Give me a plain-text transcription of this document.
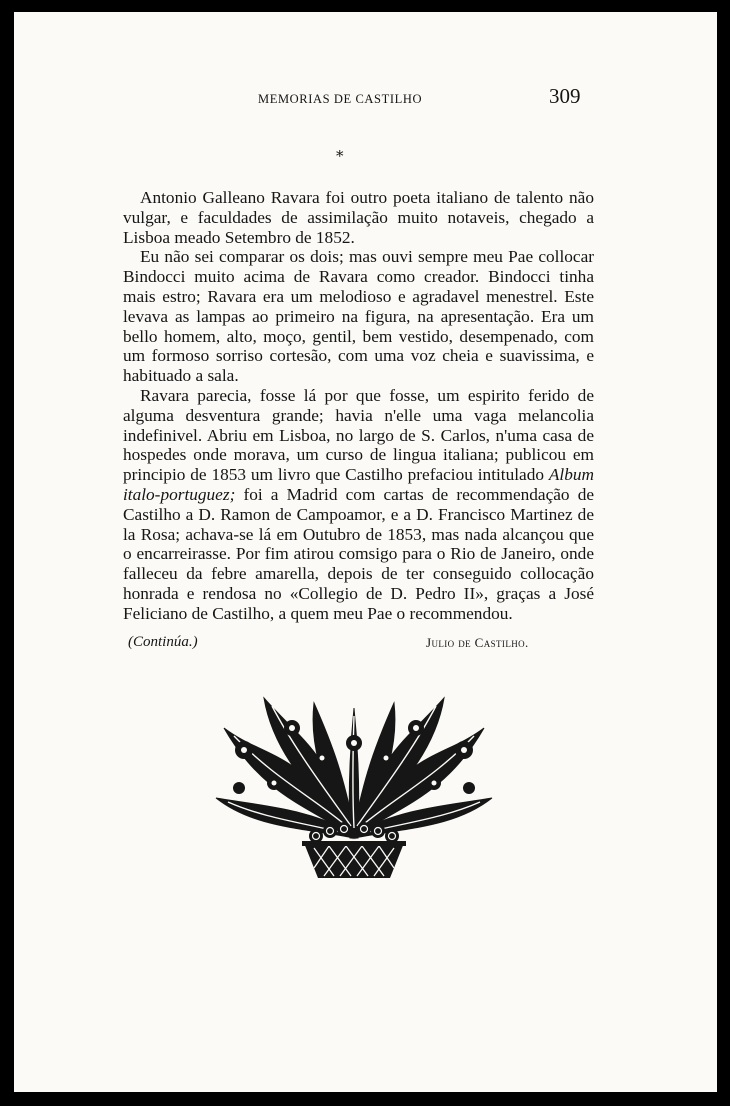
MEMORIAS DE CASTILHO	309
*

Antonio Galleano Ravara foi outro poeta italiano de talento não vulgar, e faculdades de assimilação muito notaveis, chegado a Lisboa meado Setembro de 1852.

Eu não sei comparar os dois; mas ouvi sempre meu Pae collocar Bindocci muito acima de Ravara como creador. Bindocci tinha mais estro; Ravara era um melodioso e agradavel menestrel. Este levava as lampas ao primeiro na figura, na apresentação. Era um bello homem, alto, moço, gentil, bem vestido, desempenado, com um formoso sorriso cortesão, com uma voz cheia e suavissima, e habituado a sala.

Ravara parecia, fosse lá por que fosse, um espirito ferido de alguma desventura grande; havia n'elle uma vaga melancolia indefinivel. Abriu em Lisboa, no largo de S. Carlos, n'uma casa de hospedes onde morava, um curso de lingua italiana; publicou em principio de 1853 um livro que Castilho prefaciou intitulado Album italo-portuguez; foi a Madrid com cartas de recommendação de Castilho a D. Ramon de Campoamor, e a D. Francisco Martinez de la Rosa; achava-se lá em Outubro de 1853, mas nada alcançou que o encarreirasse. Por fim atirou comsigo para o Rio de Janeiro, onde falleceu da febre amarella, depois de ter conseguido collocação honrada e rendosa no «Collegio de D. Pedro II», graças a José Feliciano de Castilho, a quem meu Pae o recommendou.

(Continúa.)	Julio de Castilho.
